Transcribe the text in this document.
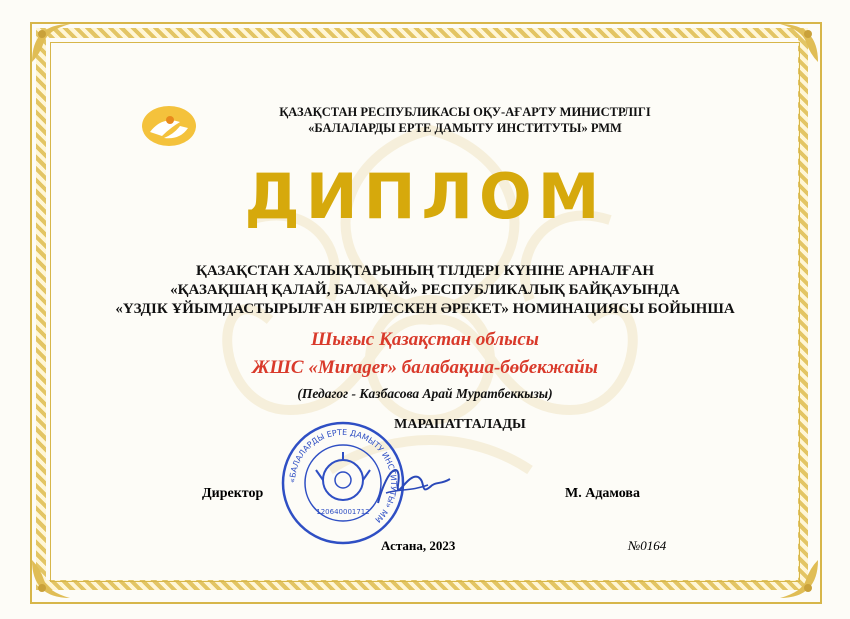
ҚАЗАҚСТАН РЕСПУБЛИКАСЫ ОҚУ-АҒАРТУ МИНИСТРЛІГІ
«БАЛАЛАРДЫ ЕРТЕ ДАМЫТУ ИНСТИТУТЫ» РММ
ДИПЛОМ
ҚАЗАҚСТАН ХАЛЫҚТАРЫНЫҢ ТІЛДЕРІ КҮНІНЕ АРНАЛҒАН
«ҚАЗАҚШАҢ ҚАЛАЙ, БАЛАҚАЙ» РЕСПУБЛИКАЛЫҚ БАЙҚАУЫНДА
«ҮЗДІК ҰЙЫМДАСТЫРЫЛҒАН БІРЛЕСКЕН ӘРЕКЕТ» НОМИНАЦИЯСЫ БОЙЫНША
Шығыс Қазақстан облысы
ЖШС «Murager» балабақша-бөбекжайы
(Педагог - Казбасова Арай Муратбеккызы)
МАРАПАТТАЛАДЫ
«БАЛАЛАРДЫ ЕРТЕ ДАМЫТУ ИНСТИТУТЫ» ММ
120640001712
Директор	М. Адамова
Астана, 2023	№0164
